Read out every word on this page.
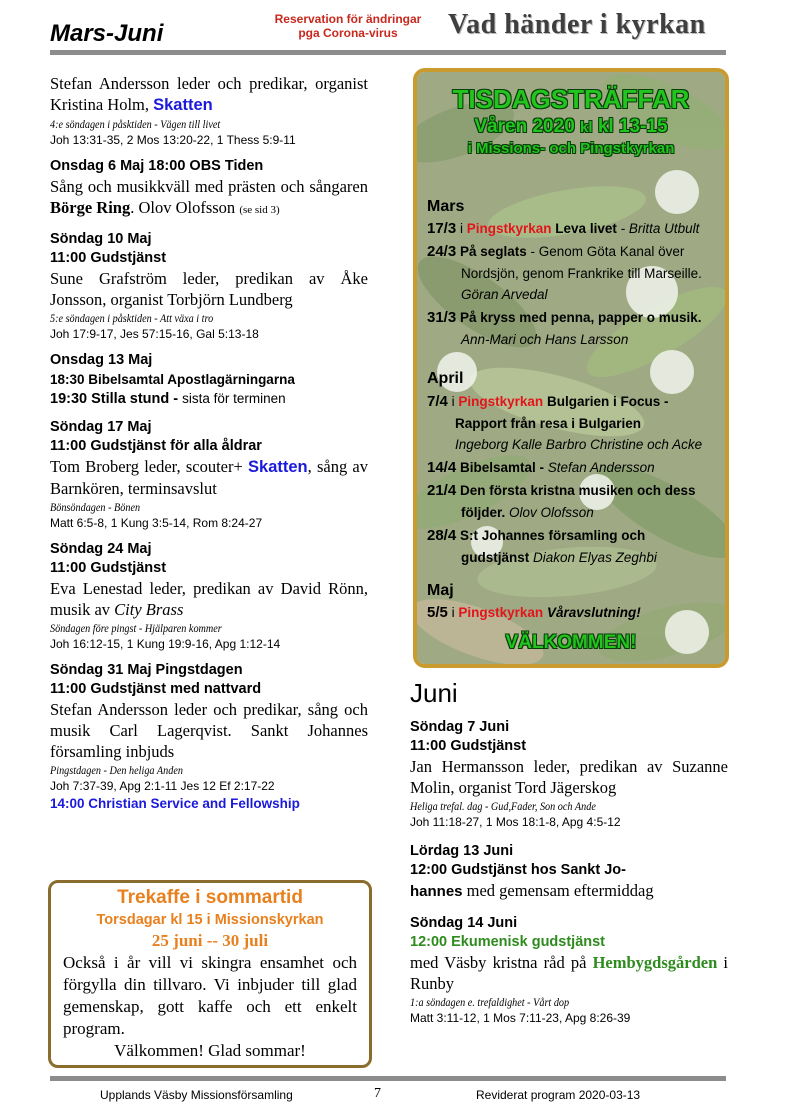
Mars-Juni
Reservation för ändringar
pga Corona-virus	Vad händer i kyrkan

Stefan Andersson leder och predikar, organist Kristina Holm, Skatten

4:e söndagen i påsktiden - Vägen till livet
Joh 13:31-35, 2 Mos 13:20-22, 1 Thess 5:9-11
Onsdag 6 Maj 18:00 OBS Tiden

Sång och musikkväll med prästen och sångaren Börge Ring. Olov Olofsson (se sid 3)

Söndag 10 Maj
11:00 Gudstjänst

Sune Grafström leder, predikan av Åke Jonsson, organist Torbjörn Lundberg

5:e söndagen i påsktiden - Att växa i tro
Joh 17:9-17, Jes 57:15-16, Gal 5:13-18
Onsdag 13 Maj
18:30 Bibelsamtal Apostlagärningarna
19:30 Stilla stund - sista för terminen
Söndag 17 Maj
11:00 Gudstjänst för alla åldrar

Tom Broberg leder, scouter+ Skatten, sång av Barnkören, terminsavslut

Bönsöndagen - Bönen
Matt 6:5-8, 1 Kung 3:5-14, Rom 8:24-27
Söndag 24 Maj
11:00 Gudstjänst

Eva Lenestad leder, predikan av David Rönn, musik av City Brass

Söndagen före pingst - Hjälparen kommer
Joh 16:12-15, 1 Kung 19:9-16, Apg 1:12-14
Söndag 31 Maj Pingstdagen
11:00 Gudstjänst med nattvard

Stefan Andersson leder och predikar, sång och musik Carl Lagerqvist. Sankt Johannes församling inbjuds

Pingstdagen - Den heliga Anden
Joh 7:37-39, Apg 2:1-11 Jes 12 Ef 2:17-22
14:00 Christian Service and Fellowship
Trekaffe i sommartid
Torsdagar kl 15 i Missionskyrkan
25 juni -- 30 juli
Också i år vill vi skingra ensamhet och förgylla din tillvaro. Vi inbjuder till glad gemenskap, gott kaffe och ett enkelt program.
Välkommen! Glad sommar!
TISDAGSTRÄFFAR
Våren 2020 kl kl 13-15
i Missions- och Pingstkyrkan
Mars
17/3 i Pingstkyrkan Leva livet - Britta Utbult
24/3 På seglats - Genom Göta Kanal över
Nordsjön, genom Frankrike till Marseille.
Göran Arvedal
31/3 På kryss med penna, papper o musik.
Ann-Mari och Hans Larsson
April
7/4 i Pingstkyrkan Bulgarien i Focus -
Rapport från resa i Bulgarien
Ingeborg Kalle Barbro Christine och Acke
14/4 Bibelsamtal - Stefan Andersson
21/4 Den första kristna musiken och dess
följder. Olov Olofsson
28/4 S:t Johannes församling och
gudstjänst Diakon Elyas Zeghbi
Maj
5/5 i Pingstkyrkan Våravslutning!
VÄLKOMMEN!
Juni
Söndag 7 Juni
11:00 Gudstjänst

Jan Hermansson leder, predikan av Suzanne Molin, organist Tord Jägerskog

Heliga trefal. dag - Gud,Fader, Son och Ande
Joh 11:18-27, 1 Mos 18:1-8, Apg 4:5-12
Lördag 13 Juni
12:00 Gudstjänst hos Sankt Jo-

hannes med gemensam eftermiddag

Söndag 14 Juni
12:00 Ekumenisk gudstjänst

med Väsby kristna råd på Hembygdsgården i Runby

1:a söndagen e. trefaldighet - Vårt dop
Matt 3:11-12, 1 Mos 7:11-23, Apg 8:26-39
Upplands Väsby Missionsförsamling	7	Reviderat program 2020-03-13
